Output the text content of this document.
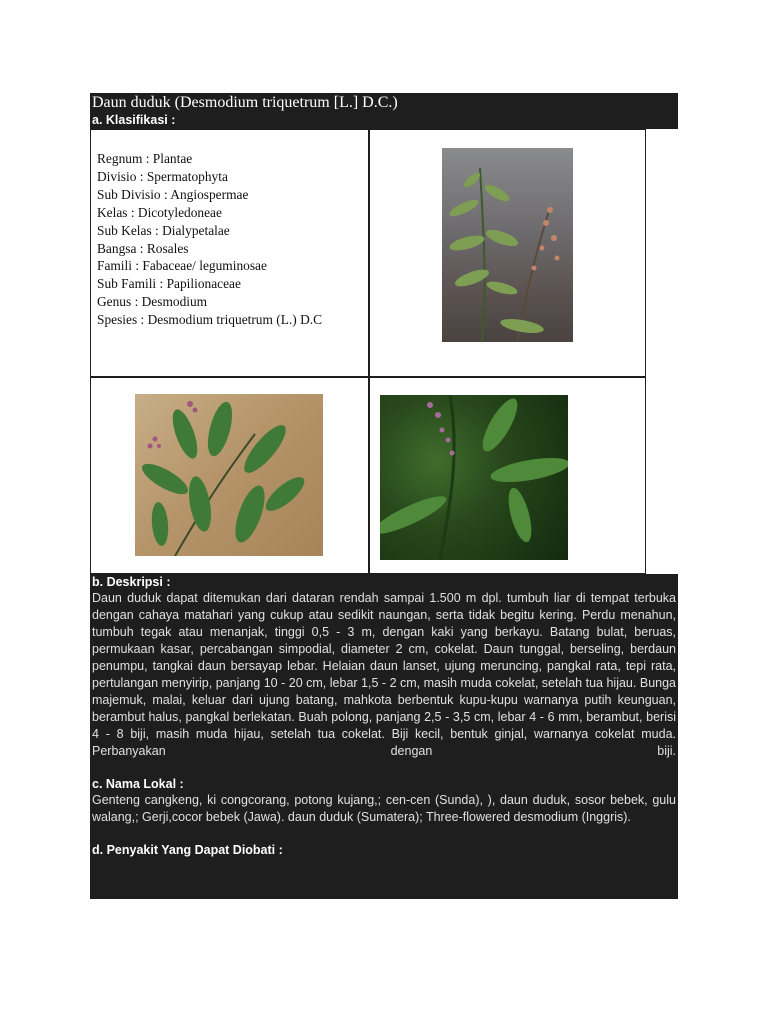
Daun duduk (Desmodium triquetrum [L.] D.C.)
a. Klasifikasi :
Regnum : Plantae
Divisio : Spermatophyta
Sub Divisio : Angiospermae
Kelas : Dicotyledoneae
Sub Kelas : Dialypetalae
Bangsa : Rosales
Famili : Fabaceae/ leguminosae
Sub Famili : Papilionaceae
Genus : Desmodium
Spesies : Desmodium triquetrum (L.) D.C
b. Deskripsi :
Daun duduk dapat ditemukan dari dataran rendah sampai 1.500 m dpl. tumbuh liar di tempat terbuka dengan cahaya matahari yang cukup atau sedikit naungan, serta tidak begitu kering. Perdu menahun, tumbuh tegak atau menanjak, tinggi 0,5 - 3 m, dengan kaki yang berkayu. Batang bulat, beruas, permukaan kasar, percabangan simpodial, diameter 2 cm, cokelat. Daun tunggal, berseling, berdaun penumpu, tangkai daun bersayap lebar. Helaian daun lanset, ujung meruncing, pangkal rata, tepi rata, pertulangan menyirip, panjang 10 - 20 cm, lebar 1,5 - 2 cm, masih muda cokelat, setelah tua hijau. Bunga majemuk, malai, keluar dari ujung batang, mahkota berbentuk kupu-kupu warnanya putih keunguan, berambut halus, pangkal berlekatan. Buah polong, panjang 2,5 - 3,5 cm, lebar 4 - 6 mm, berambut, berisi 4 - 8 biji, masih muda hijau, setelah tua cokelat. Biji kecil, bentuk ginjal, warnanya cokelat muda. Perbanyakan dengan biji.
c. Nama Lokal :
Genteng cangkeng, ki congcorang, potong kujang,; cen-cen (Sunda), ), daun duduk, sosor bebek, gulu walang,; Gerji,cocor bebek (Jawa). daun duduk (Sumatera); Three-flowered desmodium (Inggris).
d. Penyakit Yang Dapat Diobati :
